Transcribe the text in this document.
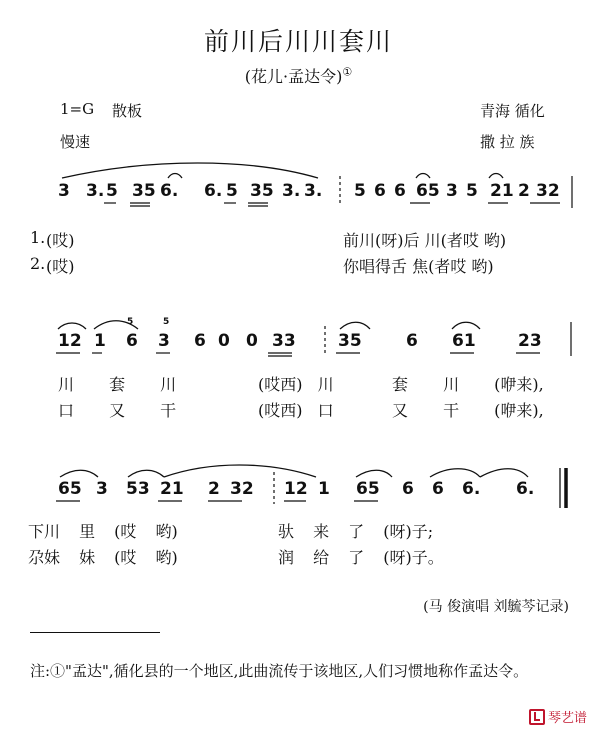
前川后川川套川
(花儿·孟达令)①
1=G 散板
慢速
青海 循化
撒 拉 族
3 3. 5 35 6. 6. 5 35 3. 3. 5 6 6 65 3 5 21 2 32
1. (哎)	前川(呀)后 川(者哎 哟)
2. (哎)	你唱得舌 焦(者哎 哟)
12 1 6 3 6 0 0 33 35	6 61 23
5	5
川 套 川	(哎西) 川	套 川 (咿来),
口 又 干	(哎西) 口	又 干 (咿来),
65 3 53 21 2 32 12 1 65 6 6 6. 6.
下川 里 (哎 哟)	驮 来 了 (呀)子;
尕妹 妹 (哎 哟)	润 给 了 (呀)子。
(马 俊演唱 刘毓芩记录)
注:①"孟达",循化县的一个地区,此曲流传于该地区,人们习惯地称作孟达令。
琴艺谱
